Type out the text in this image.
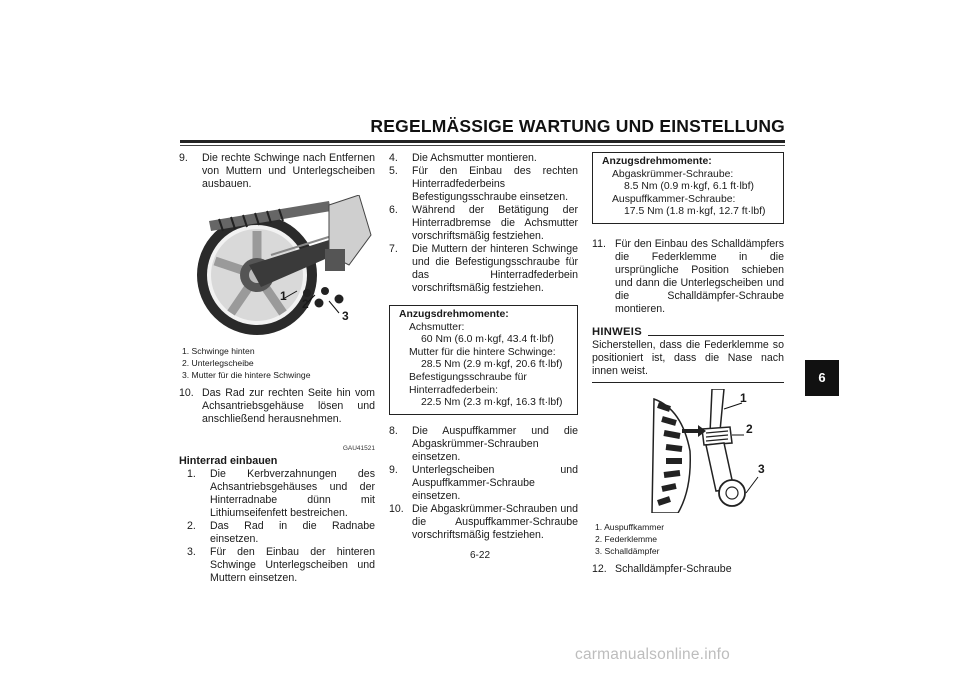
REGELMÄSSIGE WARTUNG UND EINSTELLUNG
9.	Die rechte Schwinge nach Entfernen von Muttern und Unterlegscheiben ausbauen.
1
2
3
1. Schwinge hinten
2. Unterlegscheibe
3. Mutter für die hintere Schwinge
10. Das Rad zur rechten Seite hin vom Achsantriebsgehäuse lösen und anschließend herausnehmen.
GAU41521
Hinterrad einbauen
1.	Die Kerbverzahnungen des Achsantriebsgehäuses und der Hinterradnabe dünn mit Lithiumseifenfett bestreichen.
2.	Das Rad in die Radnabe einsetzen.
3.	Für den Einbau der hinteren Schwinge Unterlegscheiben und Muttern einsetzen.
4.	Die Achsmutter montieren.
5.	Für den Einbau des rechten Hinterradfederbeins Befestigungsschraube einsetzen.
6.	Während der Betätigung der Hinterradbremse die Achsmutter vorschriftsmäßig festziehen.
7.	Die Muttern der hinteren Schwinge und die Befestigungsschraube für das Hinterradfederbein vorschriftsmäßig festziehen.
Anzugsdrehmomente:
Achsmutter:
60 Nm (6.0 m·kgf, 43.4 ft·lbf)
Mutter für die hintere Schwinge:
28.5 Nm (2.9 m·kgf, 20.6 ft·lbf)
Befestigungsschraube für Hinterradfederbein:
22.5 Nm (2.3 m·kgf, 16.3 ft·lbf)
8.	Die Auspuffkammer und die Abgaskrümmer-Schrauben einsetzen.
9.	Unterlegscheiben und Auspuffkammer-Schraube einsetzen.
10. Die Abgaskrümmer-Schrauben und die Auspuffkammer-Schraube vorschriftsmäßig festziehen.
Anzugsdrehmomente:
Abgaskrümmer-Schraube:
8.5 Nm (0.9 m·kgf, 6.1 ft·lbf)
Auspuffkammer-Schraube:
17.5 Nm (1.8 m·kgf, 12.7 ft·lbf)
11. Für den Einbau des Schalldämpfers die Federklemme in die ursprüngliche Position schieben und dann die Unterlegscheiben und die Schalldämpfer-Schraube montieren.
HINWEIS
Sicherstellen, dass die Federklemme so positioniert ist, dass die Nase nach innen weist.
1
2
3
1. Auspuffkammer
2. Federklemme
3. Schalldämpfer
12. Schalldämpfer-Schraube
6
6-22
carmanualsonline.info
